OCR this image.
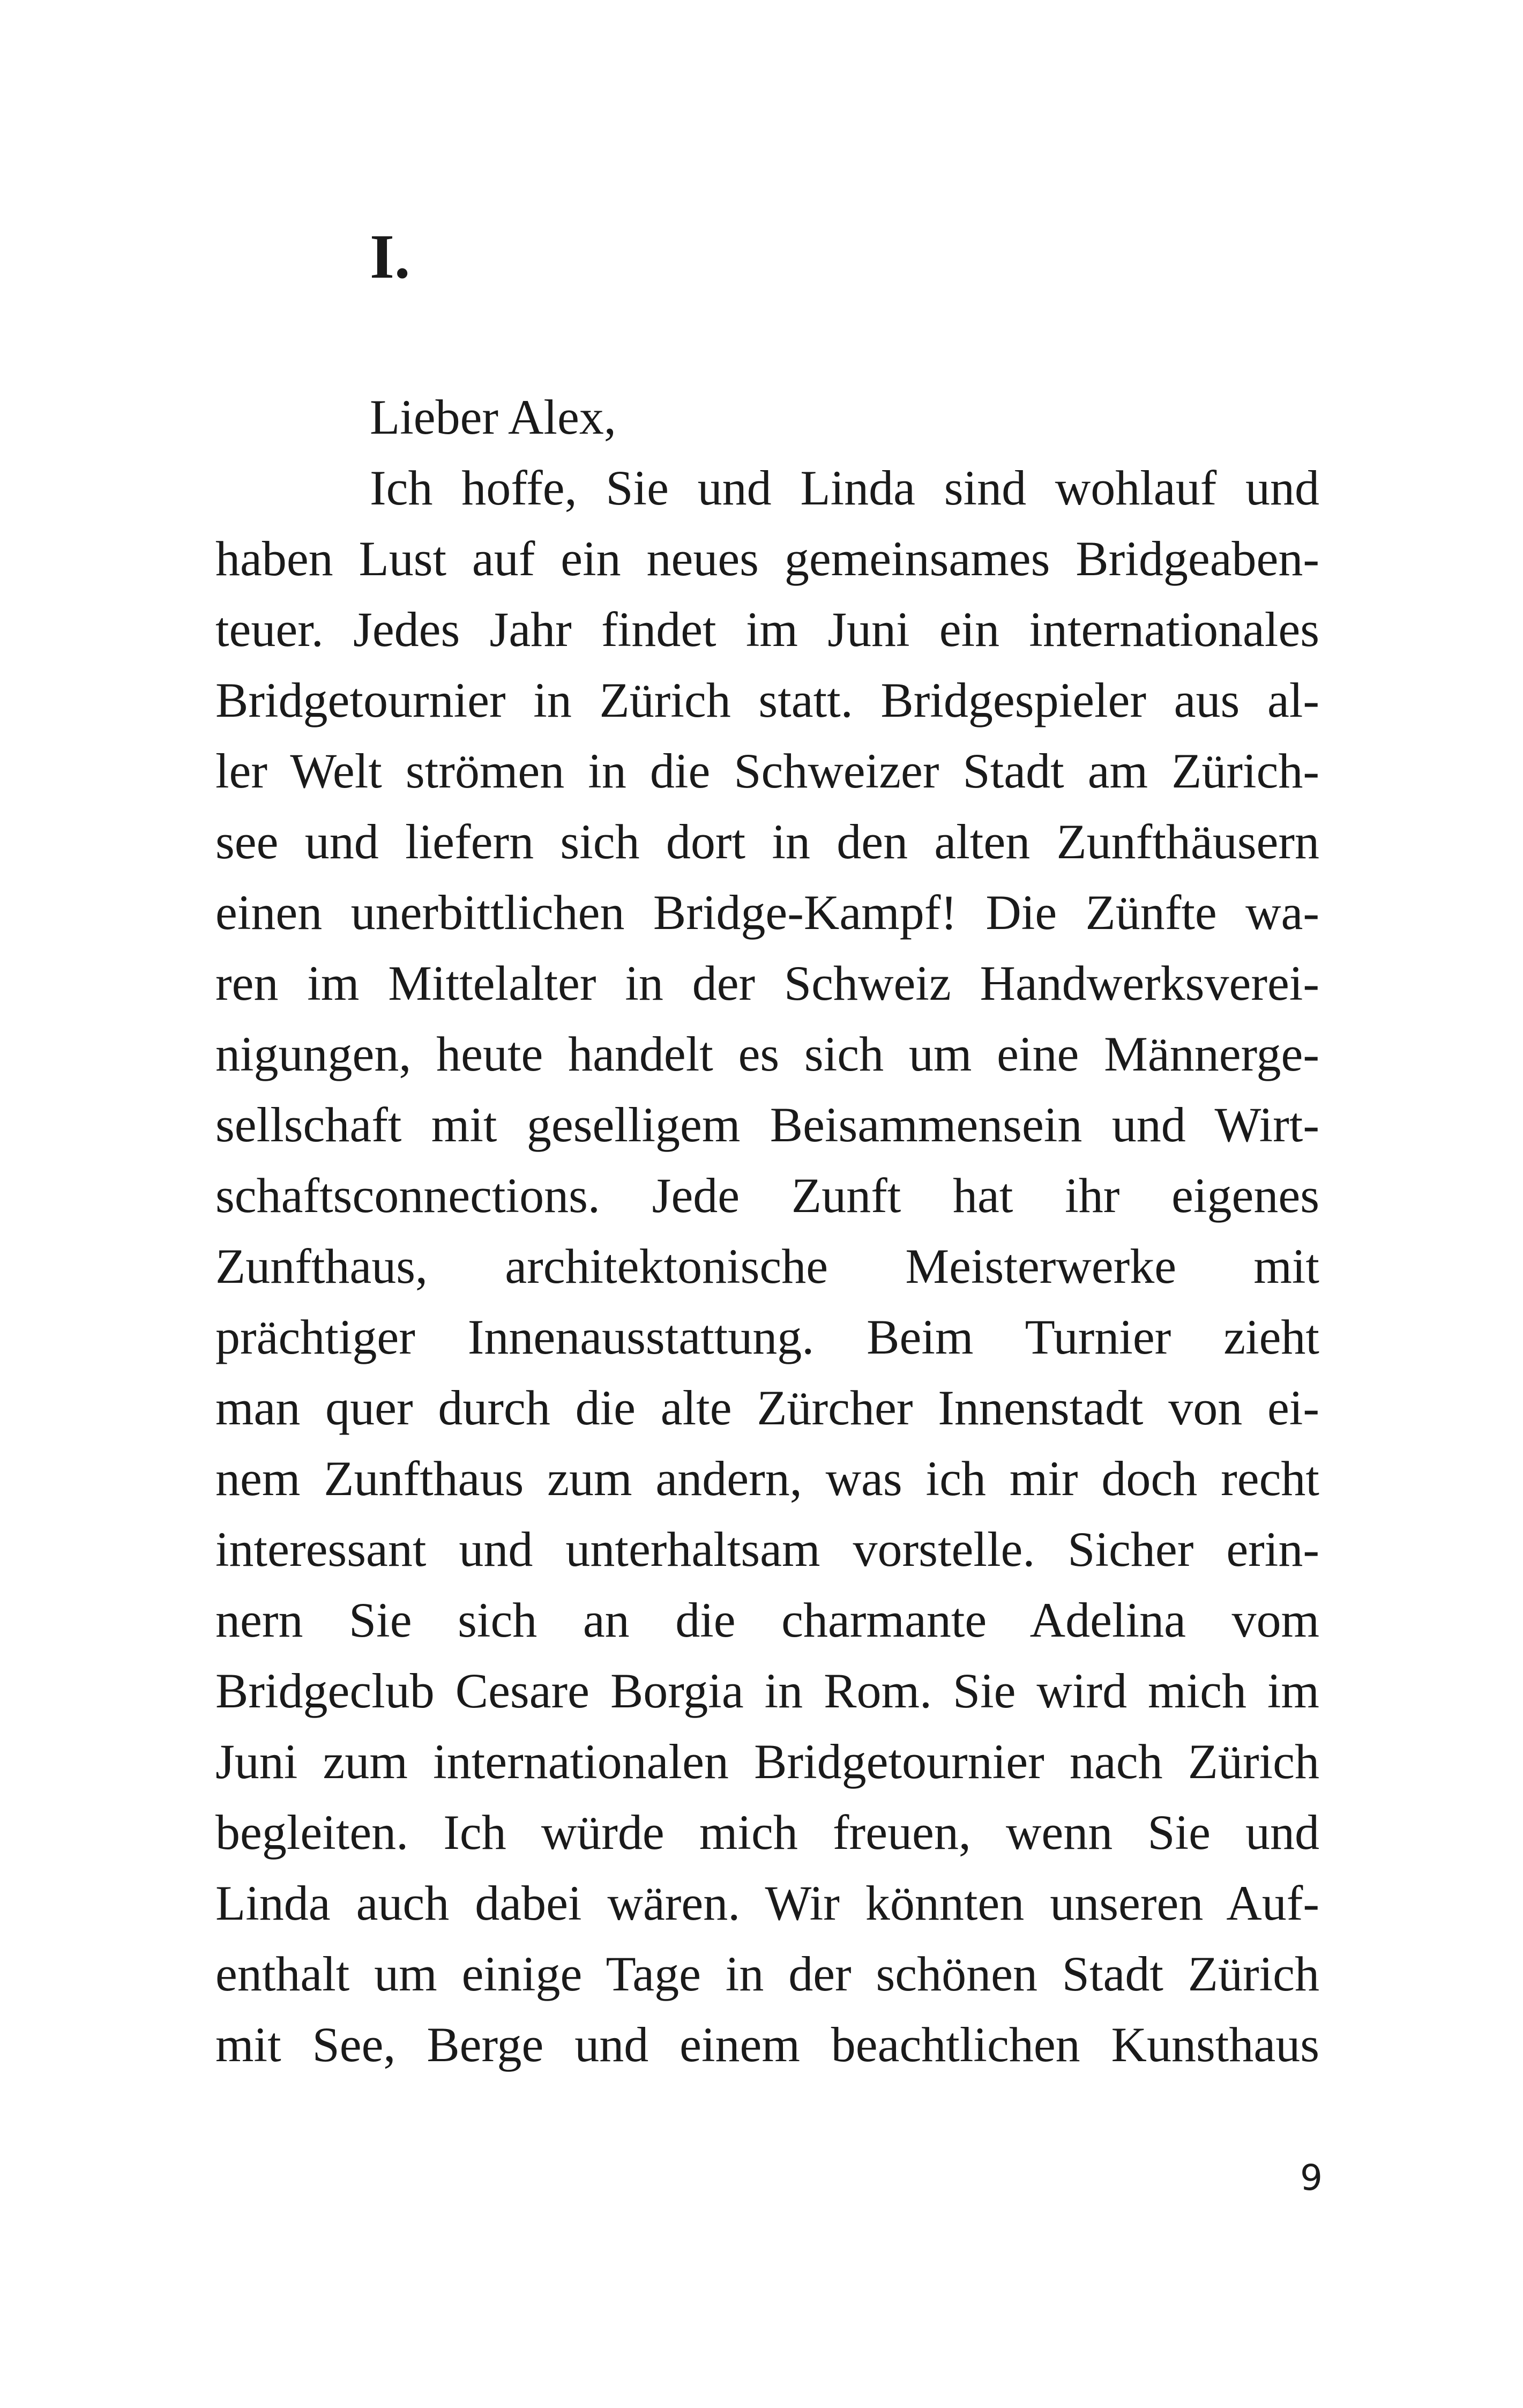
I.
Lieber Alex,
Ich hoffe, Sie und Linda sind wohlauf und
haben Lust auf ein neues gemeinsames Bridgeaben-
teuer. Jedes Jahr findet im Juni ein internationales
Bridgetournier in Zürich statt. Bridgespieler aus al-
ler Welt strömen in die Schweizer Stadt am Zürich-
see und liefern sich dort in den alten Zunfthäusern
einen unerbittlichen Bridge-Kampf! Die Zünfte wa-
ren im Mittelalter in der Schweiz Handwerksverei-
nigungen, heute handelt es sich um eine Männerge-
sellschaft mit geselligem Beisammensein und Wirt-
schaftsconnections. Jede Zunft hat ihr eigenes
Zunfthaus, architektonische Meisterwerke mit
prächtiger Innenausstattung. Beim Turnier zieht
man quer durch die alte Zürcher Innenstadt von ei-
nem Zunfthaus zum andern, was ich mir doch recht
interessant und unterhaltsam vorstelle. Sicher erin-
nern Sie sich an die charmante Adelina vom
Bridgeclub Cesare Borgia in Rom. Sie wird mich im
Juni zum internationalen Bridgetournier nach Zürich
begleiten. Ich würde mich freuen, wenn Sie und
Linda auch dabei wären. Wir könnten unseren Auf-
enthalt um einige Tage in der schönen Stadt Zürich
mit See, Berge und einem beachtlichen Kunsthaus
9
